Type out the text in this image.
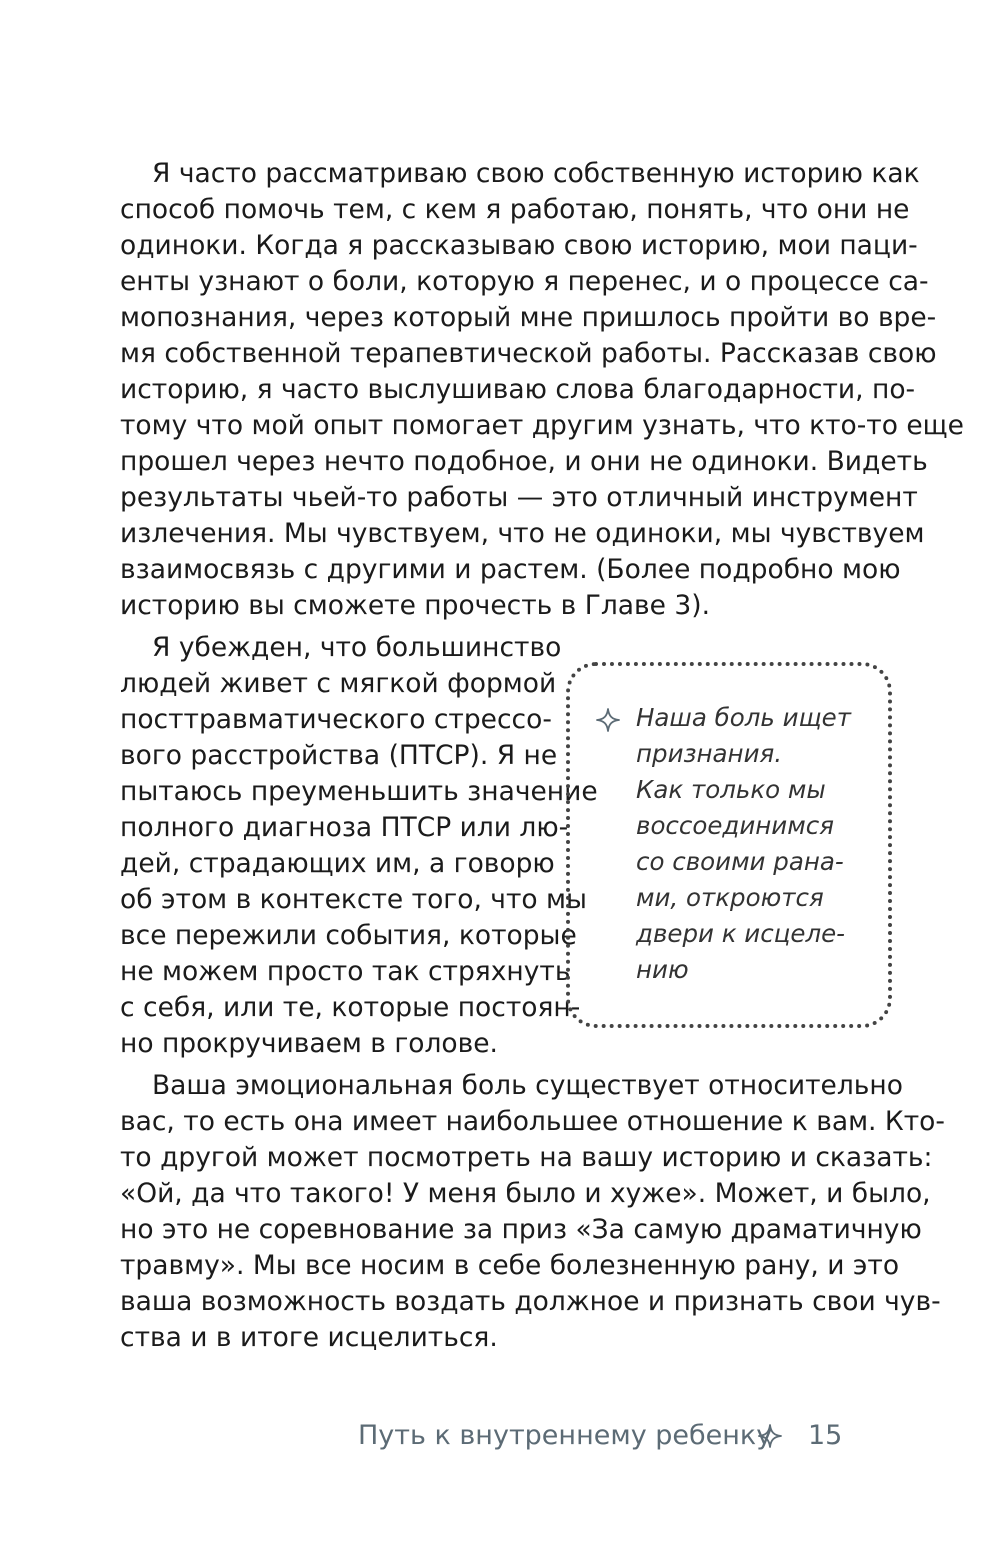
Я часто рассматриваю свою собственную историю как
способ помочь тем, с кем я работаю, понять, что они не
одиноки. Когда я рассказываю свою историю, мои паци-
енты узнают о боли, которую я перенес, и о процессе са-
мопознания, через который мне пришлось пройти во вре-
мя собственной терапевтической работы. Рассказав свою
историю, я часто выслушиваю слова благодарности, по-
тому что мой опыт помогает другим узнать, что кто-то еще
прошел через нечто подобное, и они не одиноки. Видеть
результаты чьей-то работы — это отличный инструмент
излечения. Мы чувствуем, что не одиноки, мы чувствуем
взаимосвязь с другими и растем. (Более подробно мою
историю вы сможете прочесть в Главе 3).
Я убежден, что большинство
людей живет с мягкой формой
посттравматического стрессо-
вого расстройства (ПТСР). Я не
пытаюсь преуменьшить значение
полного диагноза ПТСР или лю-
дей, страдающих им, а говорю
об этом в контексте того, что мы
все пережили события, которые
не можем просто так стряхнуть
с себя, или те, которые постоян-
но прокручиваем в голове.
Наша боль ищет
признания.
Как только мы
воссоединимся
со своими рана-
ми, откроются
двери к исцеле-
нию
Ваша эмоциональная боль существует относительно
вас, то есть она имеет наибольшее отношение к вам. Кто-
то другой может посмотреть на вашу историю и сказать:
«Ой, да что такого! У меня было и хуже». Может, и было,
но это не соревнование за приз «За самую драматичную
травму». Мы все носим в себе болезненную рану, и это
ваша возможность воздать должное и признать свои чув-
ства и в итоге исцелиться.
Путь к внутреннему ребенку 15
